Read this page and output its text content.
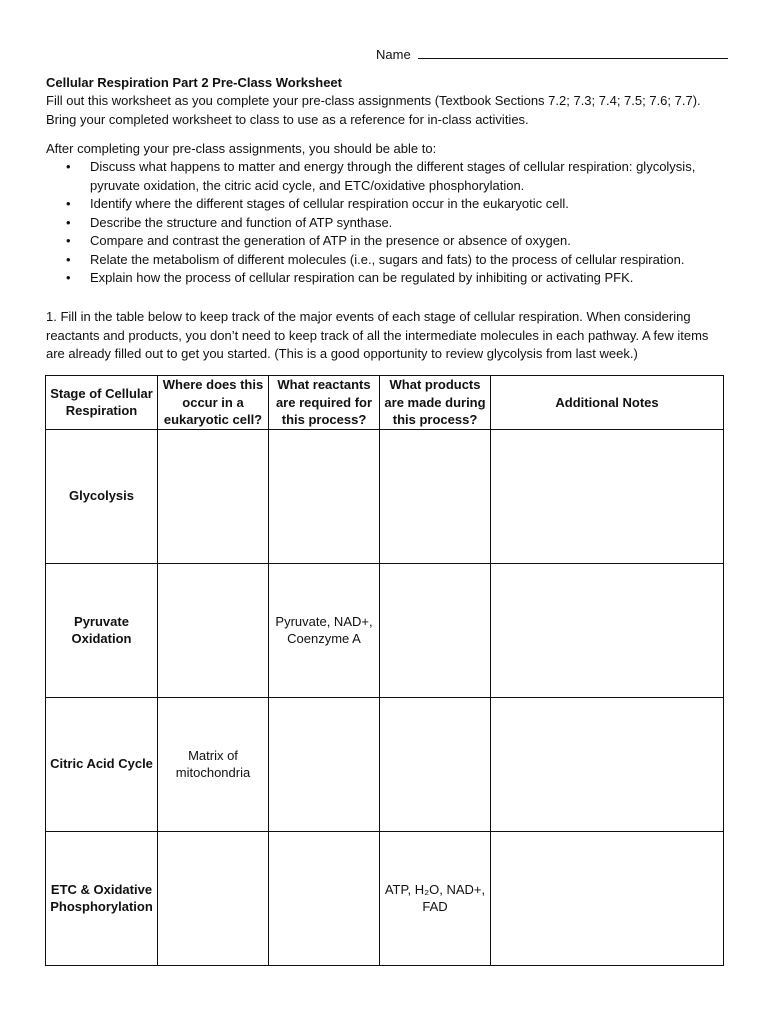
Name
Cellular Respiration Part 2 Pre-Class Worksheet
Fill out this worksheet as you complete your pre-class assignments (Textbook Sections 7.2; 7.3; 7.4; 7.5; 7.6; 7.7). Bring your completed worksheet to class to use as a reference for in-class activities.
After completing your pre-class assignments, you should be able to:
• Discuss what happens to matter and energy through the different stages of cellular respiration: glycolysis, pyruvate oxidation, the citric acid cycle, and ETC/oxidative phosphorylation.
• Identify where the different stages of cellular respiration occur in the eukaryotic cell.
• Describe the structure and function of ATP synthase.
• Compare and contrast the generation of ATP in the presence or absence of oxygen.
• Relate the metabolism of different molecules (i.e., sugars and fats) to the process of cellular respiration.
• Explain how the process of cellular respiration can be regulated by inhibiting or activating PFK.
1. Fill in the table below to keep track of the major events of each stage of cellular respiration. When considering reactants and products, you don’t need to keep track of all the intermediate molecules in each pathway. A few items are already filled out to get you started. (This is a good opportunity to review glycolysis from last week.)
Stage of Cellular Respiration	Where does this occur in a eukaryotic cell?	What reactants are required for this process?	What products are made during this process?	Additional Notes
Glycolysis				
Pyruvate Oxidation		Pyruvate, NAD+, Coenzyme A		
Citric Acid Cycle	Matrix of mitochondria			
ETC & Oxidative Phosphorylation			ATP, H₂O, NAD+, FAD	
